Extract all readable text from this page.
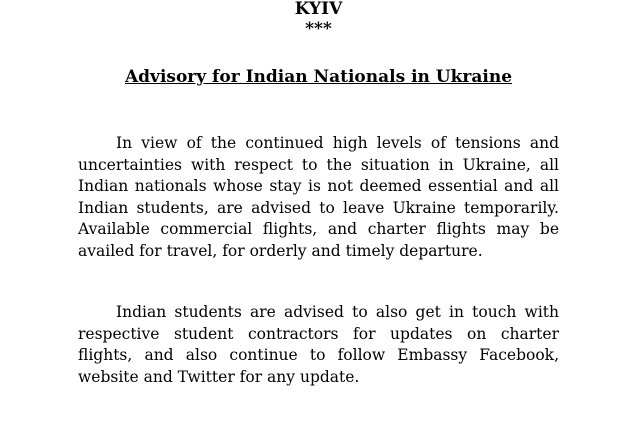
KYIV

***

Advisory for Indian Nationals in Ukraine

In view of the continued high levels of tensions and uncertainties with respect to the situation in Ukraine, all Indian nationals whose stay is not deemed essential and all Indian students, are advised to leave Ukraine temporarily. Available commercial flights, and charter flights may be availed for travel, for orderly and timely departure.

Indian students are advised to also get in touch with respective student contractors for updates on charter flights, and also continue to follow Embassy Facebook, website and Twitter for any update.
